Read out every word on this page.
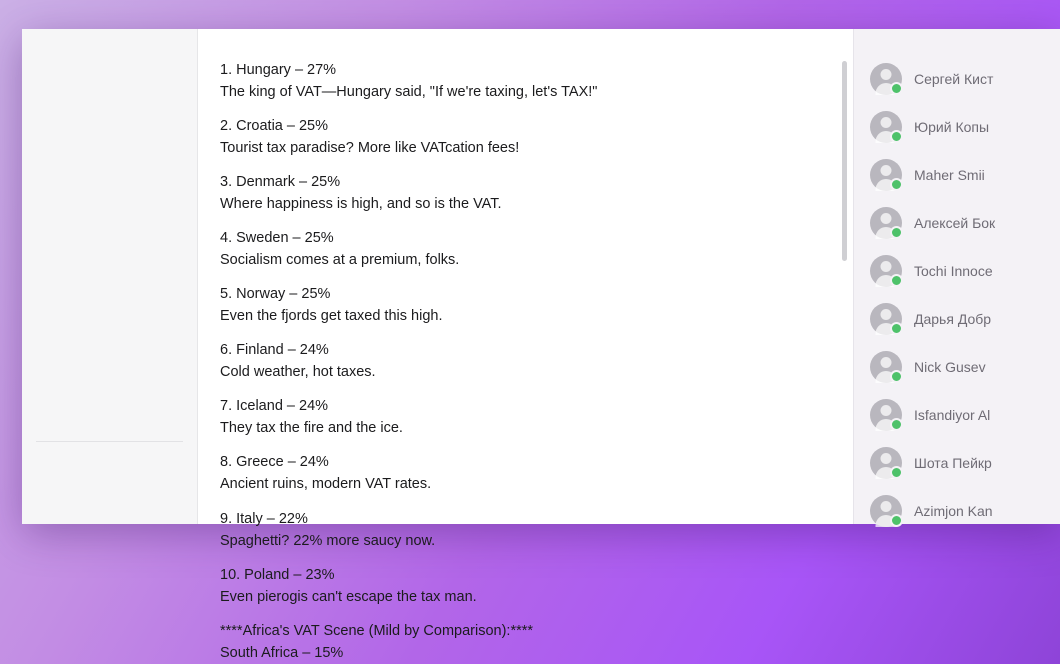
1. Hungary – 27%
The king of VAT—Hungary said, "If we're taxing, let's TAX!"
2. Croatia – 25%
Tourist tax paradise? More like VATcation fees!
3. Denmark – 25%
Where happiness is high, and so is the VAT.
4. Sweden – 25%
Socialism comes at a premium, folks.
5. Norway – 25%
Even the fjords get taxed this high.
6. Finland – 24%
Cold weather, hot taxes.
7. Iceland – 24%
They tax the fire and the ice.
8. Greece – 24%
Ancient ruins, modern VAT rates.
9. Italy – 22%
Spaghetti? 22% more saucy now.
10. Poland – 23%
Even pierogis can't escape the tax man.
****Africa's VAT Scene (Mild by Comparison):****
South Africa – 15%
Сергей Кист
Юрий Копы
Maher Smii
Алексей Бок
Tochi Innoce
Дарья Добр
Nick Gusev
Isfandiyor Al
Шота Пейкр
Azimjon Kan
